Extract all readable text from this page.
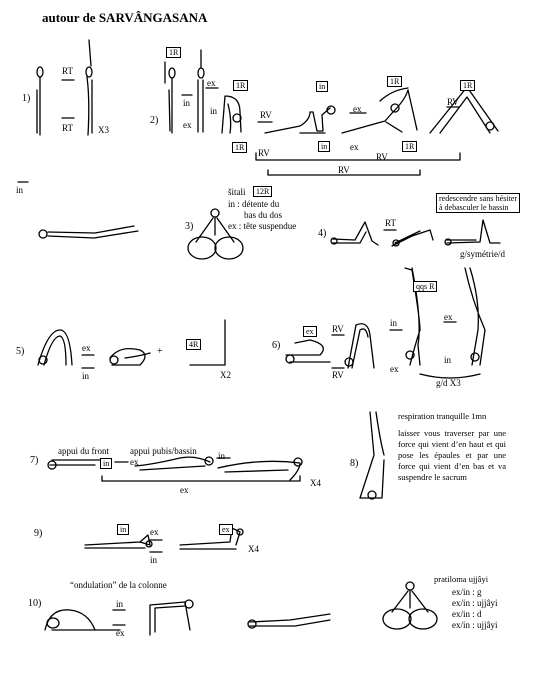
autour de SARVÂNGASANA
1)
2)
3)
4)
5)
6)
7)	8)
9)
10)
RT
RT	X3
1R
in
ex
ex
in
1R
RV
in
ex
1R	1R
RV
1R
RV
in	ex	1R
RV
RV
in	šitali	12R
in : détente du
bas du dos
ex : tête suspendue	RT
redescendre sans hésiter à debasculer le bassin
g/symétrie/d
ex
in
+
4R
X2
ex	RV
RV
in
ex
qqs R
ex
in
g/d X3
appui du front
in
appui pubis/bassin
ex
in
ex
X4
respiration tranquille 1mn
laisser vous traverser par une force qui vient d’en haut et qui pose les épaules et par une force qui vient d’en bas et va suspendre le sacrum
in	ex
in
ex
X4
“ondulation” de la colonne
in
ex
pratiloma ujjâyi
ex/in : g
ex/in : ujjâyi
ex/in : d
ex/in : ujjâyi
